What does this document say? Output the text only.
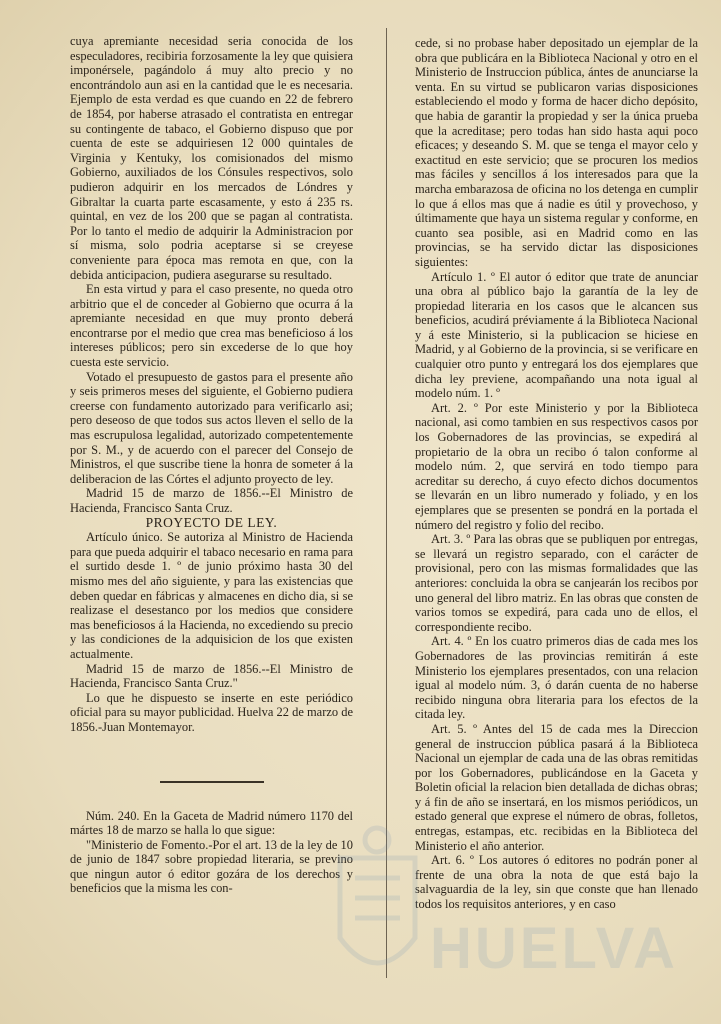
cuya apremiante necesidad seria conocida de los especuladores, recibiria forzosamente la ley que quisiera imponérsele, pagándolo á muy alto precio y no encontrándolo aun asi en la cantidad que le es necesaria. Ejemplo de esta verdad es que cuando en 22 de febrero de 1854, por haberse atrasado el contratista en entregar su contingente de tabaco, el Gobierno dispuso que por cuenta de este se adquiriesen 12 000 quintales de Virginia y Kentuky, los comisionados del mismo Gobierno, auxiliados de los Cónsules respectivos, solo pudieron adquirir en los mercados de Lóndres y Gibraltar la cuarta parte escasamente, y esto á 235 rs. quintal, en vez de los 200 que se pagan al contratista. Por lo tanto el medio de adquirir la Administracion por sí misma, solo podria aceptarse si se creyese conveniente para época mas remota en que, con la debida anticipacion, pudiera asegurarse su resultado.

En esta virtud y para el caso presente, no queda otro arbitrio que el de conceder al Gobierno que ocurra á la apremiante necesidad en que muy pronto deberá encontrarse por el medio que crea mas beneficioso á los intereses públicos; pero sin excederse de lo que hoy cuesta este servicio.

Votado el presupuesto de gastos para el presente año y seis primeros meses del siguiente, el Gobierno pudiera creerse con fundamento autorizado para verificarlo asi; pero deseoso de que todos sus actos lleven el sello de la mas escrupulosa legalidad, autorizado competentemente por S. M., y de acuerdo con el parecer del Consejo de Ministros, el que suscribe tiene la honra de someter á la deliberacion de las Córtes el adjunto proyecto de ley.

Madrid 15 de marzo de 1856.--El Ministro de Hacienda, Francisco Santa Cruz.

PROYECTO DE LEY.

Artículo único. Se autoriza al Ministro de Hacienda para que pueda adquirir el tabaco necesario en rama para el surtido desde 1. º de junio próximo hasta 30 del mismo mes del año siguiente, y para las existencias que deben quedar en fábricas y almacenes en dicho dia, si se realizase el desestanco por los medios que considere mas beneficiosos á la Hacienda, no excediendo su precio y las condiciones de la adquisicion de los que existen actualmente.

Madrid 15 de marzo de 1856.--El Ministro de Hacienda, Francisco Santa Cruz."

Lo que he dispuesto se inserte en este periódico oficial para su mayor publicidad. Huelva 22 de marzo de 1856.-Juan Montemayor.

Núm. 240. En la Gaceta de Madrid número 1170 del mártes 18 de marzo se halla lo que sigue:

"Ministerio de Fomento.-Por el art. 13 de la ley de 10 de junio de 1847 sobre propiedad literaria, se previno que ningun autor ó editor gozára de los derechos y beneficios que la misma les con-

cede, si no probase haber depositado un ejemplar de la obra que publicára en la Biblioteca Nacional y otro en el Ministerio de Instruccion pública, ántes de anunciarse la venta. En su virtud se publicaron varias disposiciones estableciendo el modo y forma de hacer dicho depósito, que habia de garantir la propiedad y ser la única prueba que la acreditase; pero todas han sido hasta aqui poco eficaces; y deseando S. M. que se tenga el mayor celo y exactitud en este servicio; que se procuren los medios mas fáciles y sencillos á los interesados para que la marcha embarazosa de oficina no los detenga en cumplir lo que á ellos mas que á nadie es útil y provechoso, y últimamente que haya un sistema regular y conforme, en cuanto sea posible, asi en Madrid como en las provincias, se ha servido dictar las disposiciones siguientes:

Artículo 1. º El autor ó editor que trate de anunciar una obra al público bajo la garantía de la ley de propiedad literaria en los casos que le alcancen sus beneficios, acudirá préviamente á la Biblioteca Nacional y á este Ministerio, si la publicacion se hiciese en Madrid, y al Gobierno de la provincia, si se verificare en cualquier otro punto y entregará los dos ejemplares que dicha ley previene, acompañando una nota igual al modelo núm. 1. º

Art. 2. º Por este Ministerio y por la Biblioteca nacional, asi como tambien en sus respectivos casos por los Gobernadores de las provincias, se expedirá al propietario de la obra un recibo ó talon conforme al modelo núm. 2, que servirá en todo tiempo para acreditar su derecho, á cuyo efecto dichos documentos se llevarán en un libro numerado y foliado, y en los ejemplares que se presenten se pondrá en la portada el número del registro y folio del recibo.

Art. 3. º Para las obras que se publiquen por entregas, se llevará un registro separado, con el carácter de provisional, pero con las mismas formalidades que las anteriores: concluida la obra se canjearán los recibos por uno general del libro matriz. En las obras que consten de varios tomos se expedirá, para cada uno de ellos, el correspondiente recibo.

Art. 4. º En los cuatro primeros dias de cada mes los Gobernadores de las provincias remitirán á este Ministerio los ejemplares presentados, con una relacion igual al modelo núm. 3, ó darán cuenta de no haberse recibido ninguna obra literaria para los efectos de la citada ley.

Art. 5. º Antes del 15 de cada mes la Direccion general de instruccion pública pasará á la Biblioteca Nacional un ejemplar de cada una de las obras remitidas por los Gobernadores, publicándose en la Gaceta y Boletin oficial la relacion bien detallada de dichas obras; y á fin de año se insertará, en los mismos periódicos, un estado general que exprese el número de obras, folletos, entregas, estampas, etc. recibidas en la Biblioteca del Ministerio el año anterior.

Art. 6. º Los autores ó editores no podrán poner al frente de una obra la nota de que está bajo la salvaguardia de la ley, sin que conste que han llenado todos los requisitos anteriores, y en caso

HUELVA
